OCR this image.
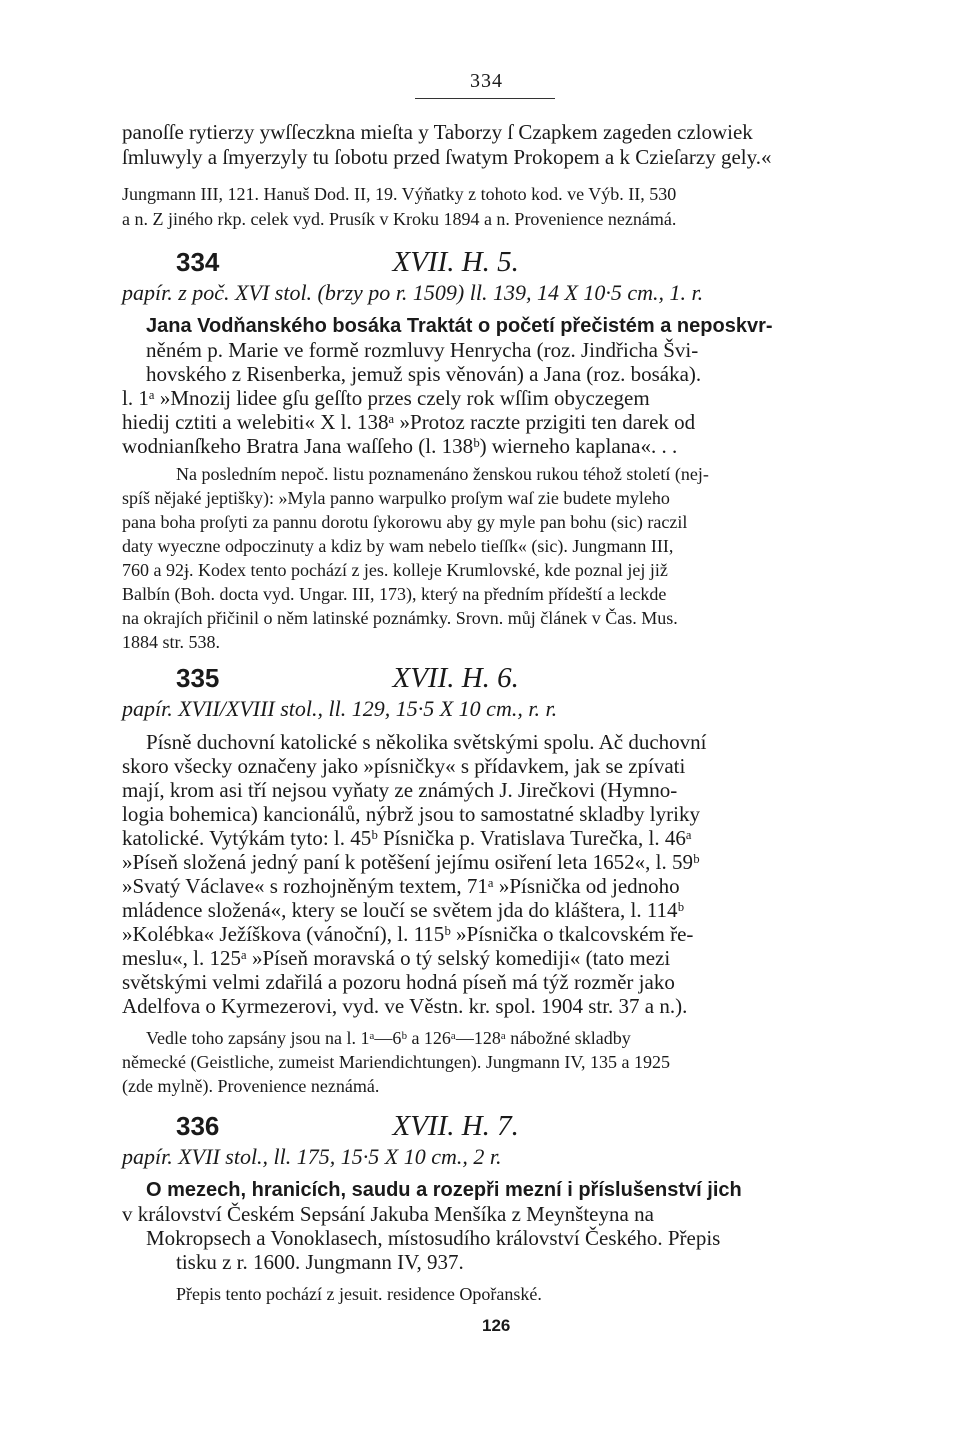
334
panoſſe rytierzy ywſſeczkna mieſta y Taborzy ſ Czapkem zageden czlowiek
ſmluwyly a ſmyerzyly tu ſobotu przed ſwatym Prokopem a k Czieſarzy gely.«
Jungmann III, 121. Hanuš Dod. II, 19. Výňatky z tohoto kod. ve Výb. II, 530
a n. Z jiného rkp. celek vyd. Prusík v Kroku 1894 a n. Provenience neznámá.
334	XVII. H. 5.
papír. z poč. XVI stol. (brzy po r. 1509) ll. 139, 14 X 10·5 cm., 1. r.
Jana Vodňanského bosáka Traktát o početí přečistém a neposkvr-
něném p. Marie ve formě rozmluvy Henrycha (roz. Jindřicha Švi-
hovského z Risenberka, jemuž spis věnován) a Jana (roz. bosáka).
l. 1ᵃ »Mnozij lidee gſu geſſto przes czely rok wſſim obyczegem
hiedij cztiti a welebiti« X l. 138ᵃ »Protoz raczte przigiti ten darek od
wodnianſkeho Bratra Jana waſſeho (l. 138ᵇ) wierneho kaplana«. . .
Na posledním nepoč. listu poznamenáno ženskou rukou téhož století (nej-
spíš nějaké jeptišky): »Myla panno warpulko proſym waſ zie budete myleho
pana boha proſyti za pannu dorotu ſykorowu aby gy myle pan bohu (sic) raczil
daty wyeczne odpoczinuty a kdiz by wam nebelo tieſſk« (sic). Jungmann III,
760 a 92ɉ. Kodex tento pochází z jes. kolleje Krumlovské, kde poznal jej již
Balbín (Boh. docta vyd. Ungar. III, 173), který na předním přídeští a leckde
na okrajích přičinil o něm latinské poznámky. Srovn. můj článek v Čas. Mus.
1884 str. 538.
335	XVII. H. 6.
papír. XVII/XVIII stol., ll. 129, 15·5 X 10 cm., r. r.
Písně duchovní katolické s několika světskými spolu. Ač duchovní
skoro všecky označeny jako »písničky« s přídavkem, jak se zpívati
mají, krom asi tří nejsou vyňaty ze známých J. Jirečkovi (Hymno-
logia bohemica) kancionálů, nýbrž jsou to samostatné skladby lyriky
katolické. Vytýkám tyto: l. 45ᵇ Písnička p. Vratislava Turečka, l. 46ᵃ
»Píseň složená jedný paní k potěšení jejímu osiření leta 1652«, l. 59ᵇ
»Svatý Václave« s rozhojněným textem, 71ᵃ »Písnička od jednoho
mládence složená«, ktery se loučí se světem jda do kláštera, l. 114ᵇ
»Kolébka« Ježíškova (vánoční), l. 115ᵇ »Písnička o tkalcovském ře-
meslu«, l. 125ᵃ »Píseň moravská o tý selský komediji« (tato mezi
světskými velmi zdařilá a pozoru hodná píseň má týž rozměr jako
Adelfova o Kyrmezerovi, vyd. ve Věstn. kr. spol. 1904 str. 37 a n.).
Vedle toho zapsány jsou na l. 1ᵃ—6ᵇ a 126ᵃ—128ᵃ nábožné skladby
německé (Geistliche, zumeist Mariendichtungen). Jungmann IV, 135 a 1925
(zde mylně). Provenience neznámá.
336	XVII. H. 7.
papír. XVII stol., ll. 175, 15·5 X 10 cm., 2 r.
O mezech, hranicích, saudu a rozepři mezní i příslušenství jich
v království Českém Sepsání Jakuba Menšíka z Meynšteyna na
Mokropsech a Vonoklasech, místosudího království Českého. Přepis
tisku z r. 1600. Jungmann IV, 937.
Přepis tento pochází z jesuit. residence Opořanské.
126
